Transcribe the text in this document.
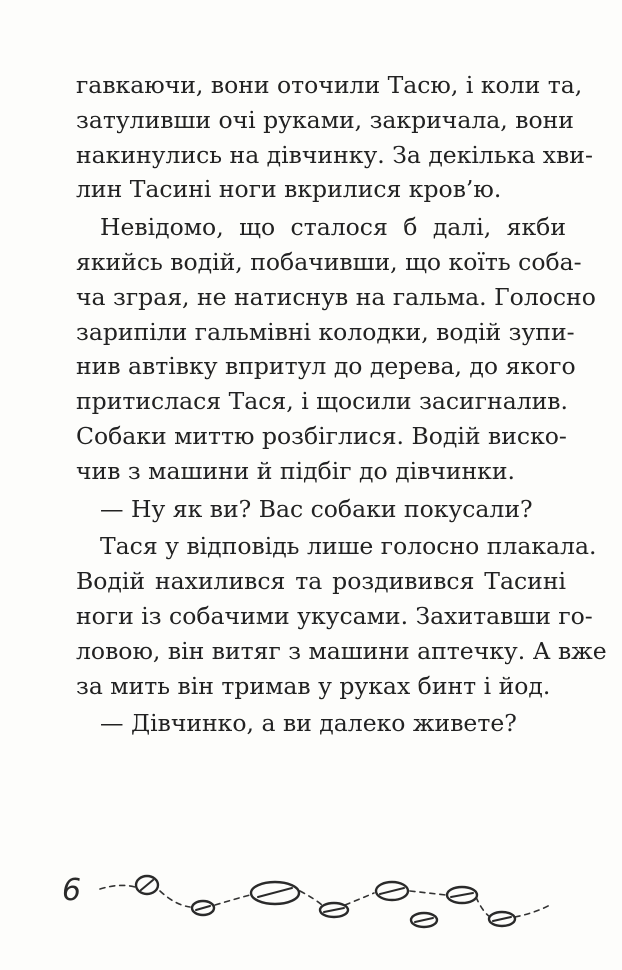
гавкаючи, вони оточили Тасю, і коли та,
затуливши очі руками, закричала, вони
накинулись на дівчинку. За декілька хви-
лин Тасині ноги вкрилися кров’ю.
Невідомо, що сталося б далі, якби
якийсь водій, побачивши, що коїть соба-
ча зграя, не натиснув на гальма. Голосно
зарипіли гальмівні колодки, водій зупи-
нив автівку впритул до дерева, до якого
притислася Тася, і щосили засигналив.
Собаки миттю розбіглися. Водій виско-
чив з машини й підбіг до дівчинки.
— Ну як ви? Вас собаки покусали?
Тася у відповідь лише голосно плакала.
Водій нахилився та роздивився Тасині
ноги із собачими укусами. Захитавши го-
ловою, він витяг з машини аптечку. А вже
за мить він тримав у руках бинт і йод.
— Дівчинко, а ви далеко живете?
6
